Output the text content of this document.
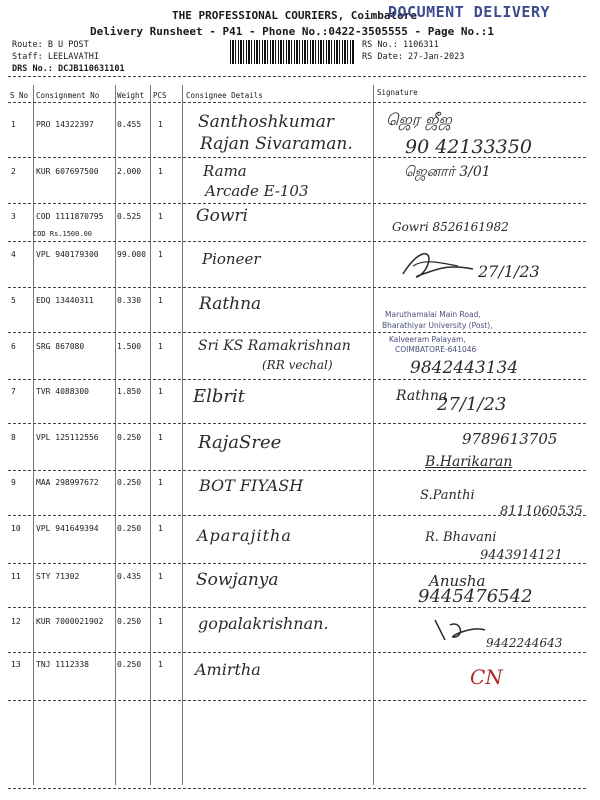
THE PROFESSIONAL COURIERS, Coimbatore
DOCUMENT DELIVERY
Delivery Runsheet - P41 - Phone No.:0422-3505555 - Page No.:1
Route: B U POST
Staff: LEELAVATHI
DRS No.: DCJB110631101
RS No.: 1106311
RS Date: 27-Jan-2023
S No Consignment No Weight PCS	Consignee Details	Signature
1	PRO 14322397	0.455 1 Santhoshkumar
Rajan Sivaraman.
ஜெர ஜீஜ
90 42133350
2	KUR 607697500 2.000 1	Rama
Arcade E-103
ஜெனார் 3/01
3	COD 1111870795 0.525 1
COD Rs.1500.00
Gowri
Gowri 8526161982
4	VPL 940179300 99.000 1	Pioneer
27/1/23
5	EDQ 13440311	0.330 1 Rathna
Maruthamalai Main Road,
Bharathiyar University (Post),
6	SRG 867080	1.500 1	Sri KS Ramakrishnan
(RR vechal)
Kalveeram Palayam,
COIMBATORE-641046
9842443134
7	TVR 4088300	1.850 1 Elbrit	Rathna
27/1/23
8	VPL 125112556 0.250 1 RajaSree	9789613705
B.Harikaran
9	MAA 298997672 0.250 1 BOT FIYASH
S.Panthi
8111060535
10 VPL 941649394 0.250 1 Aparajitha	R. Bhavani
9443914121
11 STY 71302	0.435 1 Sowjanya	Anusha
9445476542
12 KUR 7000021902 0.250 1 gopalakrishnan.
9442244643
13 TNJ 1112338	0.250 1 Amirtha	CN
